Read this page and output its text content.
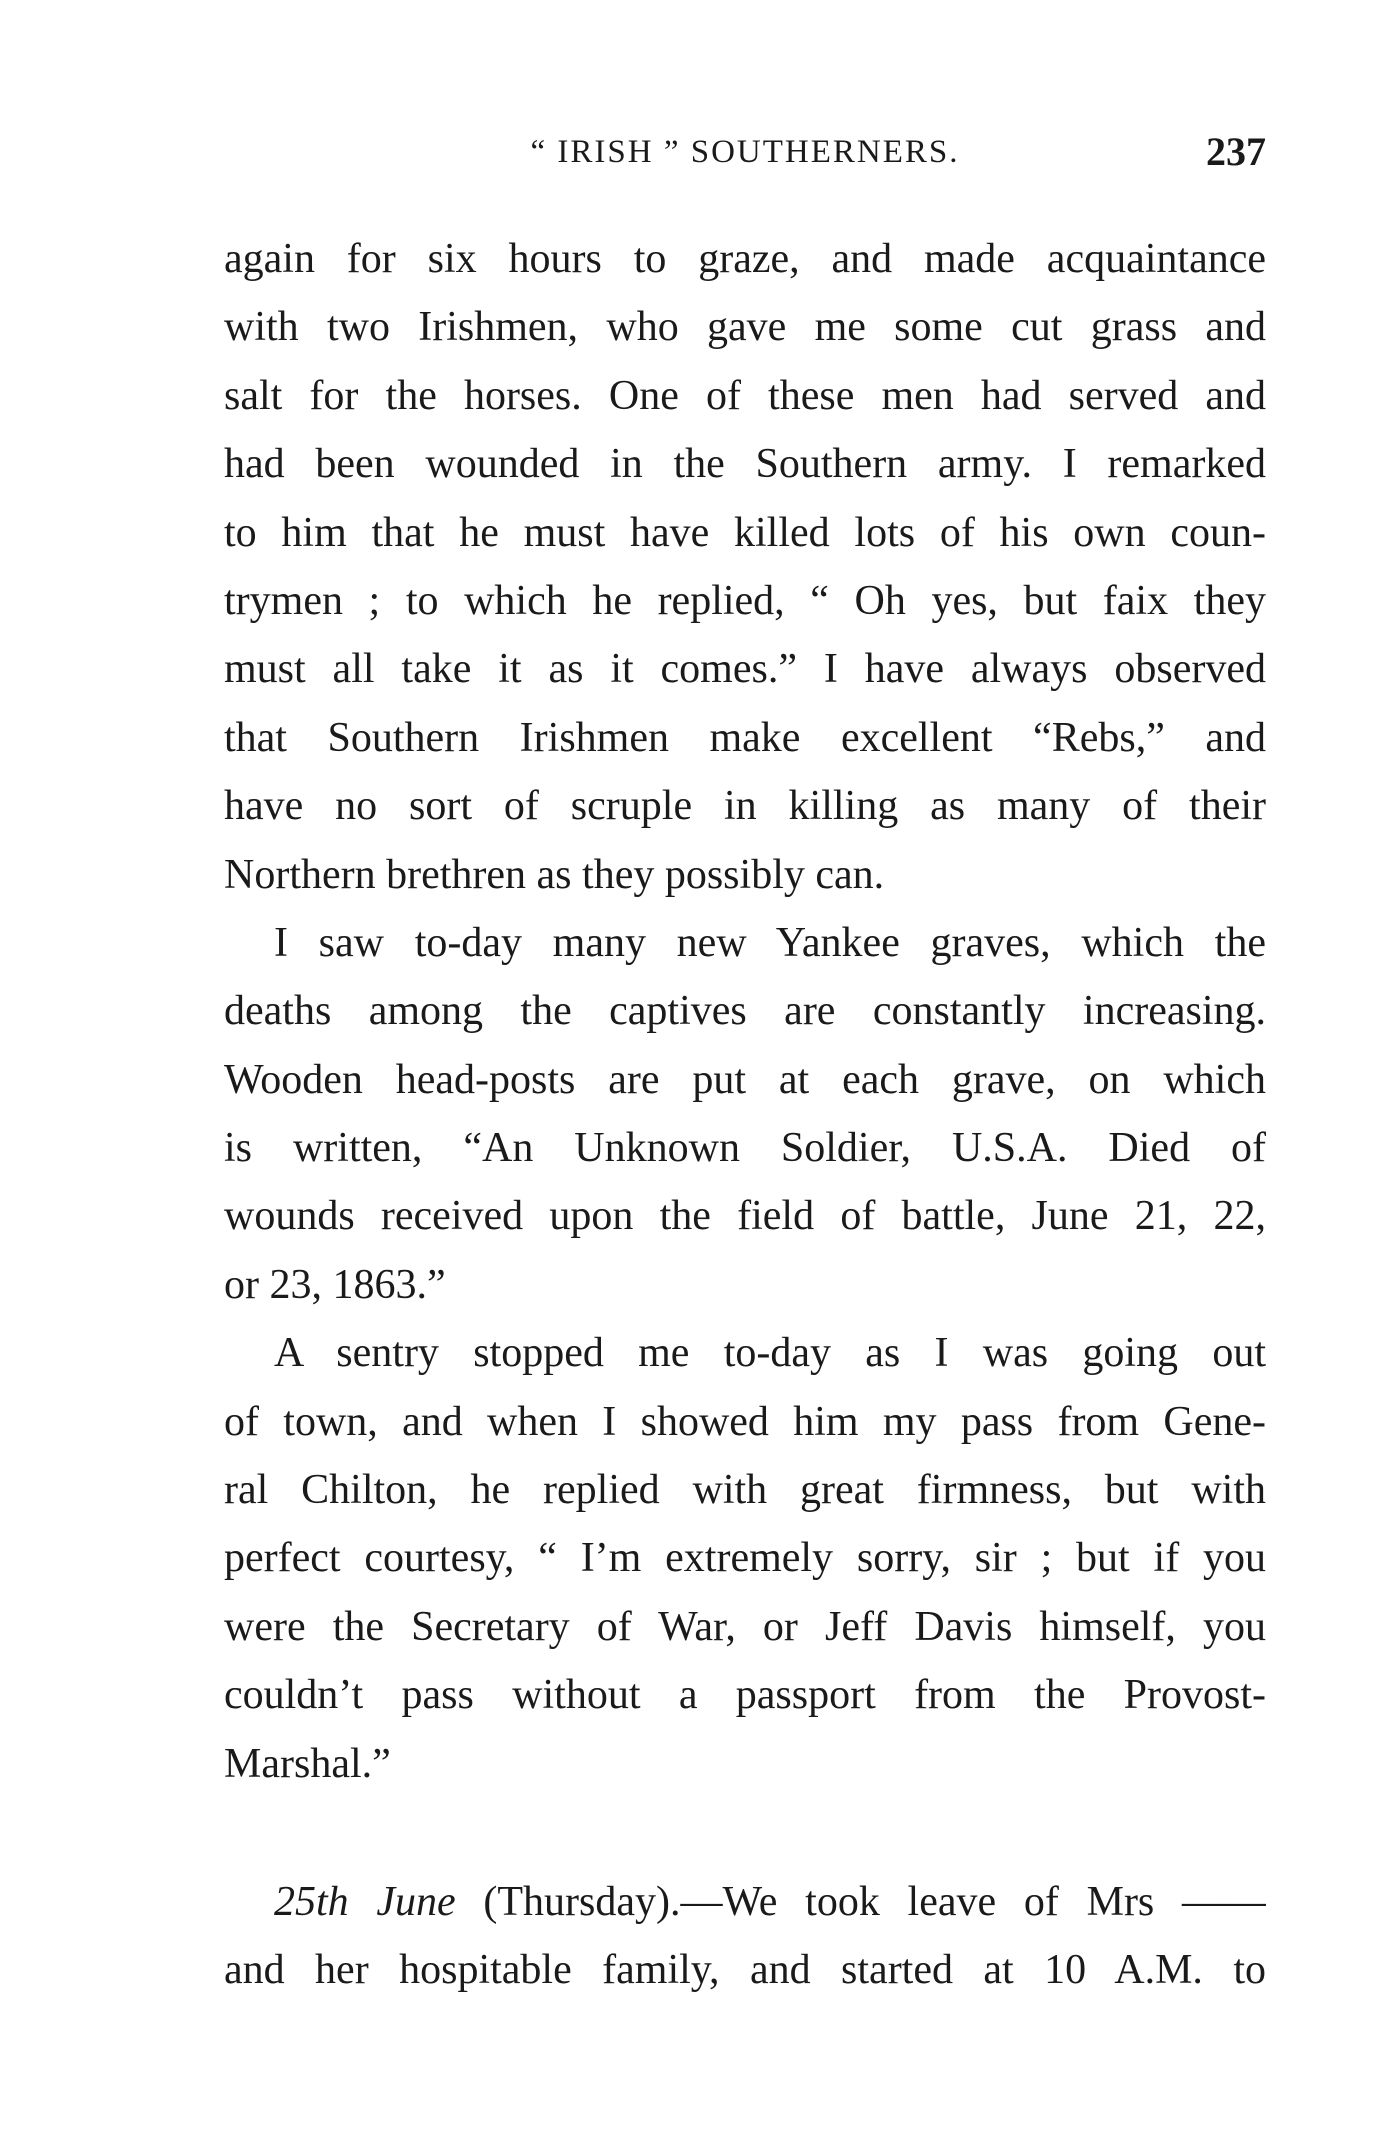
“ IRISH ” SOUTHERNERS.	237
again for six hours to graze, and made acquaintance
with two Irishmen, who gave me some cut grass and
salt for the horses. One of these men had served and
had been wounded in the Southern army. I remarked
to him that he must have killed lots of his own coun-
trymen ; to which he replied, “ Oh yes, but faix they
must all take it as it comes.” I have always observed
that Southern Irishmen make excellent “Rebs,” and
have no sort of scruple in killing as many of their
Northern brethren as they possibly can.
I saw to-day many new Yankee graves, which the
deaths among the captives are constantly increasing.
Wooden head-posts are put at each grave, on which
is written, “An Unknown Soldier, U.S.A. Died of
wounds received upon the field of battle, June 21, 22,
or 23, 1863.”
A sentry stopped me to-day as I was going out
of town, and when I showed him my pass from Gene-
ral Chilton, he replied with great firmness, but with
perfect courtesy, “ I’m extremely sorry, sir ; but if you
were the Secretary of War, or Jeff Davis himself, you
couldn’t pass without a passport from the Provost-
Marshal.”
25th June (Thursday).—We took leave of Mrs ——
and her hospitable family, and started at 10 A.M. to
